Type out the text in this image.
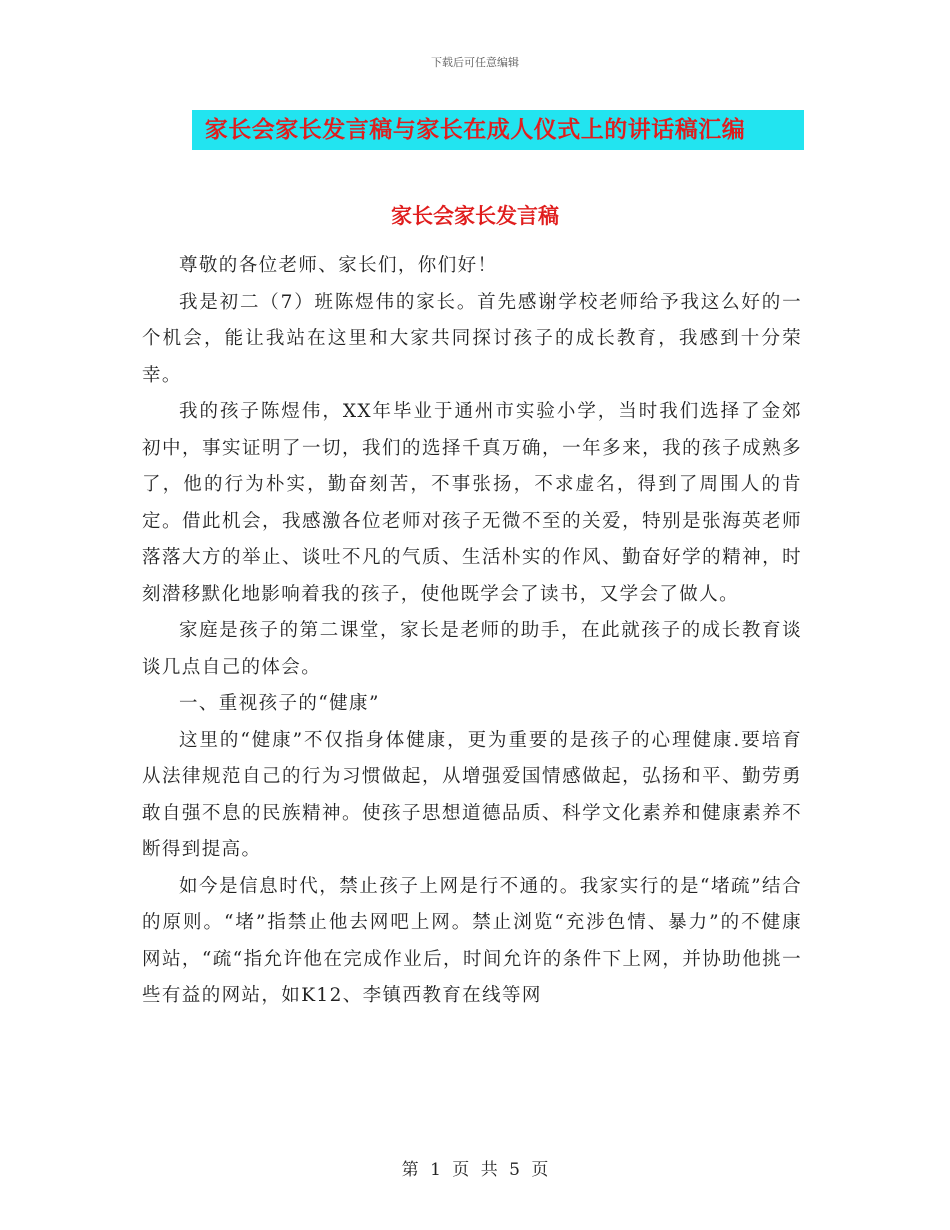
下载后可任意编辑
家长会家长发言稿与家长在成人仪式上的讲话稿汇编
家长会家长发言稿

尊敬的各位老师、家长们，你们好！

我是初二（7）班陈煜伟的家长。首先感谢学校老师给予我这么好的一个机会，能让我站在这里和大家共同探讨孩子的成长教育，我感到十分荣幸。

我的孩子陈煜伟，XX年毕业于通州市实验小学，当时我们选择了金郊初中，事实证明了一切，我们的选择千真万确，一年多来，我的孩子成熟多了，他的行为朴实，勤奋刻苦，不事张扬，不求虚名，得到了周围人的肯定。借此机会，我感激各位老师对孩子无微不至的关爱，特别是张海英老师落落大方的举止、谈吐不凡的气质、生活朴实的作风、勤奋好学的精神，时刻潜移默化地影响着我的孩子，使他既学会了读书，又学会了做人。

家庭是孩子的第二课堂，家长是老师的助手，在此就孩子的成长教育谈谈几点自己的体会。

一、重视孩子的“健康”

这里的“健康”不仅指身体健康，更为重要的是孩子的心理健康.要培育从法律规范自己的行为习惯做起，从增强爱国情感做起，弘扬和平、勤劳勇敢自强不息的民族精神。使孩子思想道德品质、科学文化素养和健康素养不断得到提高。

如今是信息时代，禁止孩子上网是行不通的。我家实行的是“堵疏”结合的原则。“堵”指禁止他去网吧上网。禁止浏览“充涉色情、暴力”的不健康网站，“疏“指允许他在完成作业后，时间允许的条件下上网，并协助他挑一些有益的网站，如K12、李镇西教育在线等网

第 1 页 共 5 页
